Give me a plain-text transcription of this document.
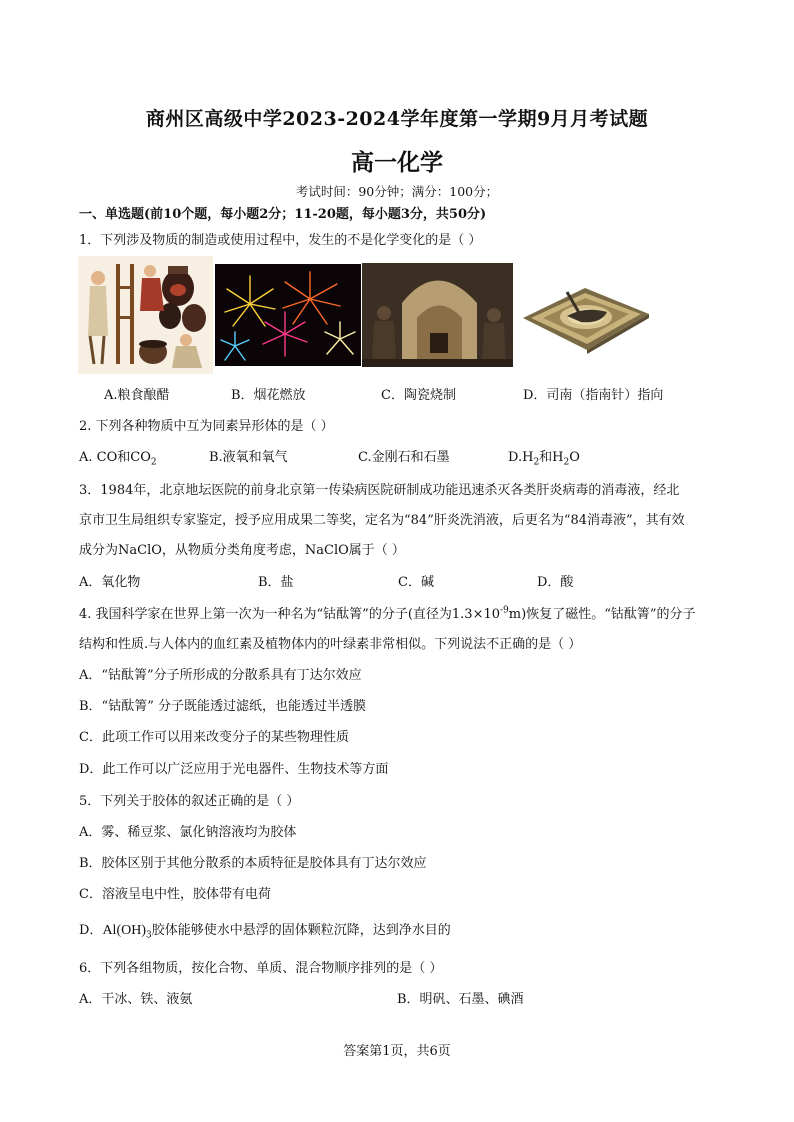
商州区高级中学2023-2024学年度第一学期9月月考试题
高一化学
考试时间：90分钟；满分：100分；
一、单选题(前10个题，每小题2分；11-20题，每小题3分，共50分)
1．下列涉及物质的制造或使用过程中，发生的不是化学变化的是（ ）
A.粮食酿醋	B．烟花燃放	C．陶瓷烧制	D．司南（指南针）指向
2. 下列各种物质中互为同素异形体的是（ ）
A. CO和$CO_2$	B.液氧和氧气	C.金刚石和石墨	$D.H_2$和$H_2O$
3．1984年，北京地坛医院的前身北京第一传染病医院研制成功能迅速杀灭各类肝炎病毒的消毒液，经北
京市卫生局组织专家鉴定，授予应用成果二等奖，定名为“84”肝炎洗消液，后更名为“84消毒液”，其有效
成分为NaClO，从物质分类角度考虑，NaClO属于（ ）
A．氧化物	B．盐	C．碱	D．酸
4. 我国科学家在世界上第一次为一种名为“钴酞箐”的分子(直径为$1.3\times 10^{-9}m$)恢复了磁性。“钴酞箐”的分子
结构和性质.与人体内的血红素及植物体内的叶绿素非常相似。下列说法不正确的是（ ）
A．“钴酞箐”分子所形成的分散系具有丁达尔效应
B．“钴酞箐” 分子既能透过滤纸，也能透过半透膜
C．此项工作可以用来改变分子的某些物理性质
D．此工作可以广泛应用于光电器件、生物技术等方面
5．下列关于胶体的叙述正确的是（ ）
A．雾、稀豆浆、氯化钠溶液均为胶体
B．胶体区别于其他分散系的本质特征是胶体具有丁达尔效应
C．溶液呈电中性，胶体带有电荷
D．$Al(OH)_3$胶体能够使水中悬浮的固体颗粒沉降，达到净水目的
6．下列各组物质，按化合物、单质、混合物顺序排列的是（ ）
A．干冰、铁、液氨	B．明矾、石墨、碘酒
答案第1页，共6页
